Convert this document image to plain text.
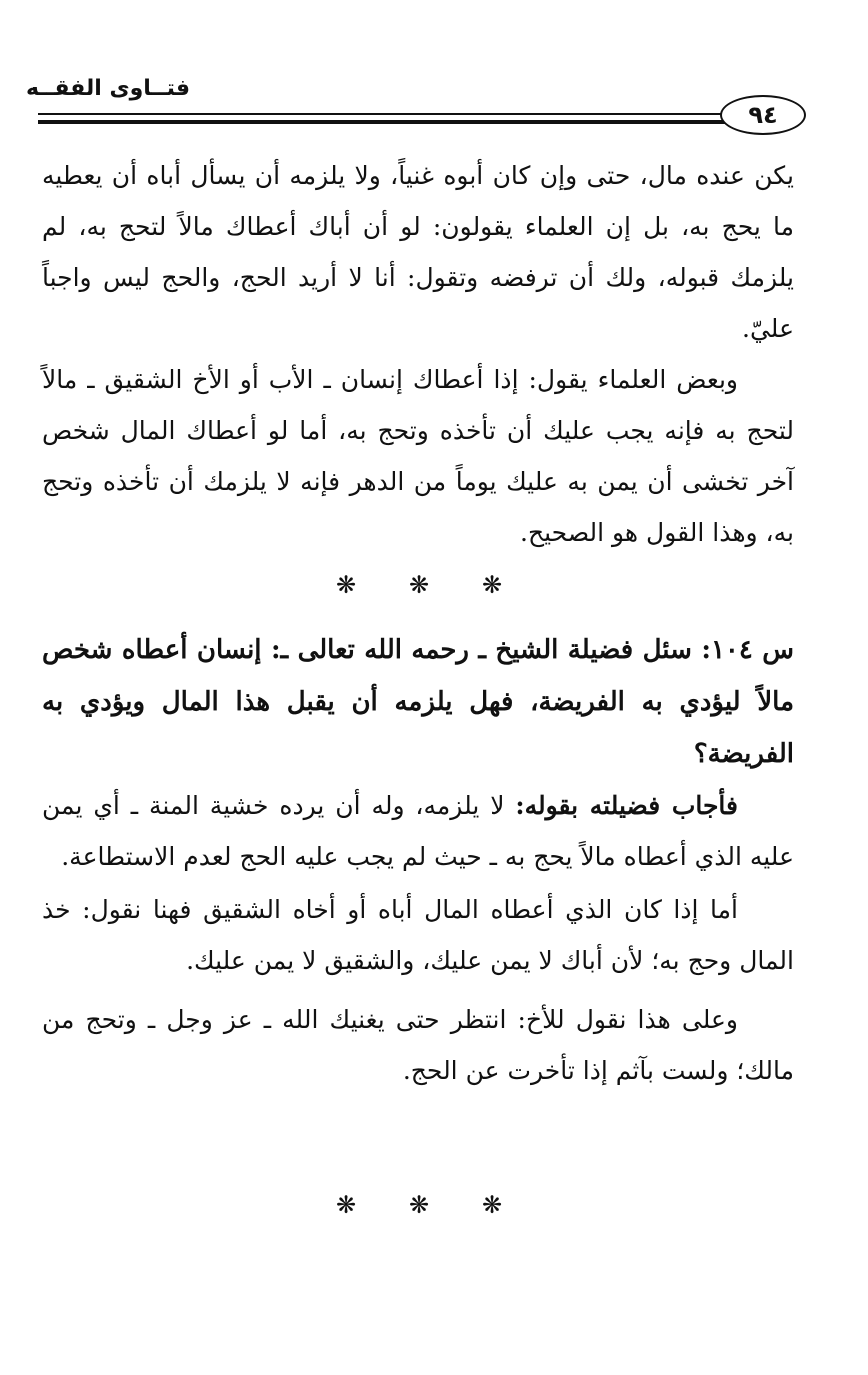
فتــاوى الفقــه
٩٤

يكن عنده مال، حتى وإن كان أبوه غنياً، ولا يلزمه أن يسأل أباه أن يعطيه ما يحج به، بل إن العلماء يقولون: لو أن أباك أعطاك مالاً لتحج به، لم يلزمك قبوله، ولك أن ترفضه وتقول: أنا لا أريد الحج، والحج ليس واجباً عليّ.

وبعض العلماء يقول: إذا أعطاك إنسان ـ الأب أو الأخ الشقيق ـ مالاً لتحج به فإنه يجب عليك أن تأخذه وتحج به، أما لو أعطاك المال شخص آخر تخشى أن يمن به عليك يوماً من الدهر فإنه لا يلزمك أن تأخذه وتحج به، وهذا القول هو الصحيح.

❋ ❋ ❋

س ١٠٤: سئل فضيلة الشيخ ـ رحمه الله تعالى ـ: إنسان أعطاه شخص مالاً ليؤدي به الفريضة، فهل يلزمه أن يقبل هذا المال ويؤدي به الفريضة؟

فأجاب فضيلته بقوله: لا يلزمه، وله أن يرده خشية المنة ـ أي يمن عليه الذي أعطاه مالاً يحج به ـ حيث لم يجب عليه الحج لعدم الاستطاعة.

أما إذا كان الذي أعطاه المال أباه أو أخاه الشقيق فهنا نقول: خذ المال وحج به؛ لأن أباك لا يمن عليك، والشقيق لا يمن عليك.

وعلى هذا نقول للأخ: انتظر حتى يغنيك الله ـ عز وجل ـ وتحج من مالك؛ ولست بآثم إذا تأخرت عن الحج.

❋ ❋ ❋
